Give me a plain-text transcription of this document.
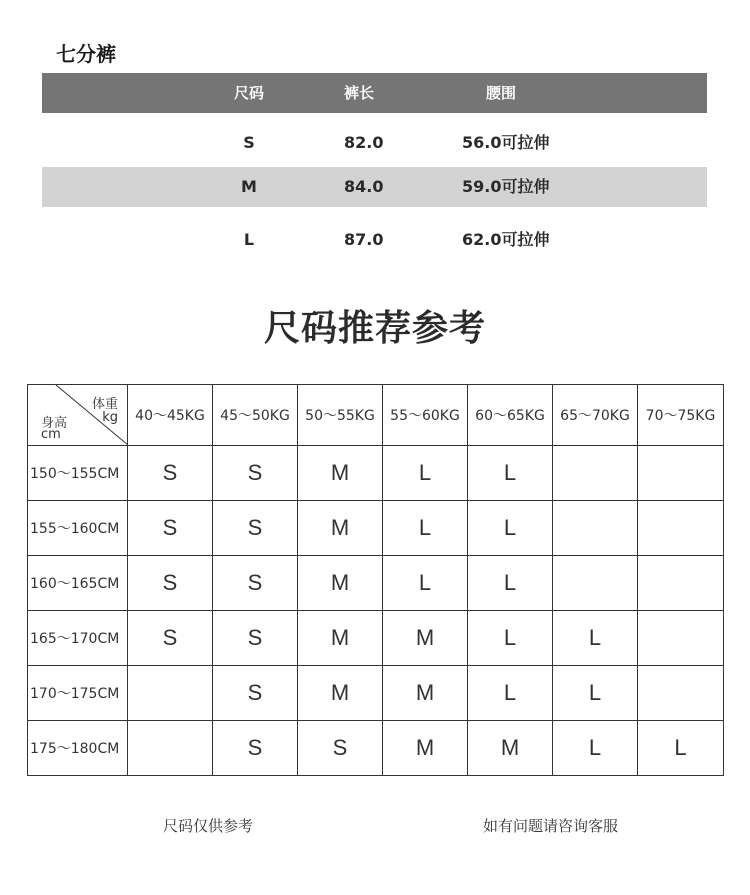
七分裤
尺码	裤长	腰围
S	82.0	56.0可拉伸
M	84.0	59.0可拉伸
L	87.0	62.0可拉伸
尺码推荐参考
体重
kg
身高
cm	40〜45KG	45〜50KG	50〜55KG	55〜60KG	60〜65KG	65〜70KG	70〜75KG
150〜155CM	S	S	M	L	L		
155〜160CM	S	S	M	L	L		
160〜165CM	S	S	M	L	L		
165〜170CM	S	S	M	M	L	L	
170〜175CM		S	M	M	L	L	
175〜180CM		S	S	M	M	L	L
尺码仅供参考	如有问题请咨询客服
